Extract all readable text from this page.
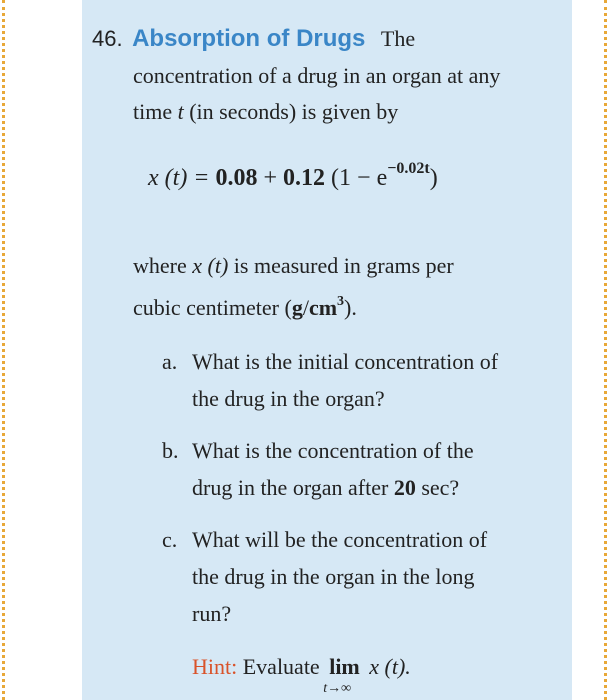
46. Absorption of Drugs The
concentration of a drug in an organ at any
time t (in seconds) is given by
x (t) = 0.08 + 0.12 $(1 - e^{-0.02t})$
where x (t) is measured in grams per
cubic centimeter $(g/cm^3)$.
a. What is the initial concentration of
the drug in the organ?
b. What is the concentration of the
drug in the organ after 20 sec?
c. What will be the concentration of
the drug in the organ in the long
run?
Hint: Evaluate lim
t→∞
x (t).
